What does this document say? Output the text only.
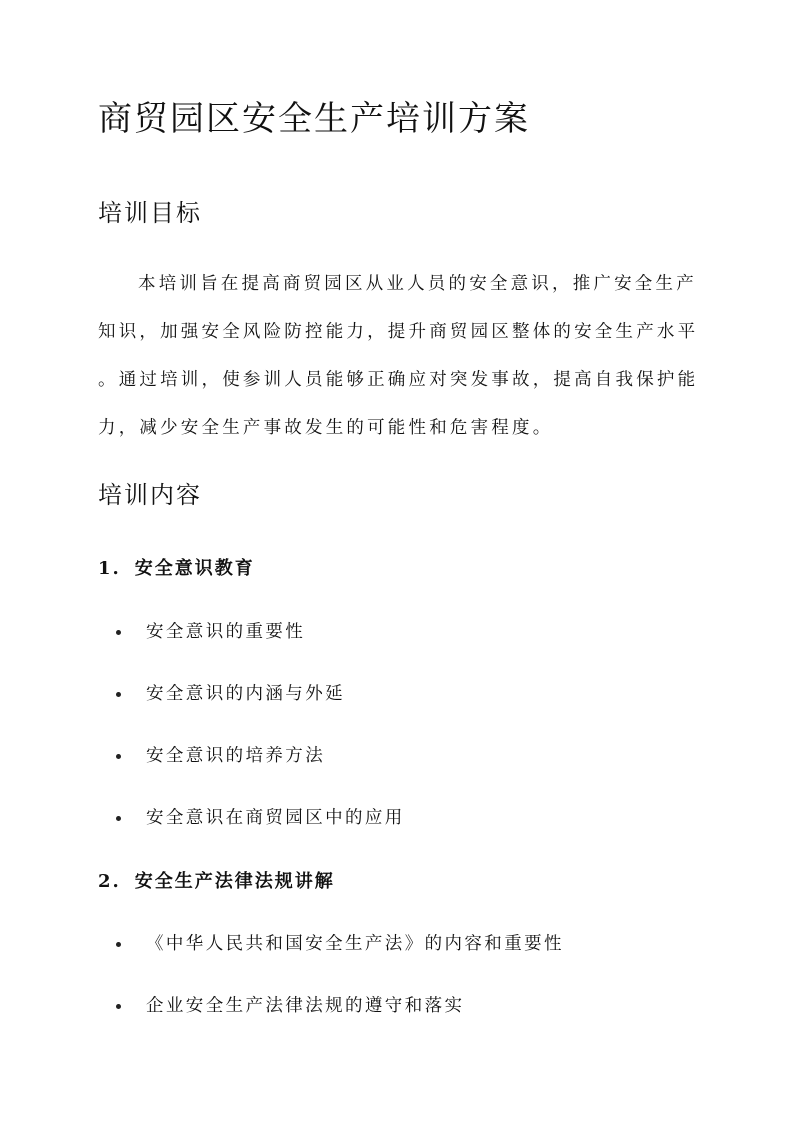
商贸园区安全生产培训方案
培训目标

本培训旨在提高商贸园区从业人员的安全意识，推广安全生产
知识，加强安全风险防控能力，提升商贸园区整体的安全生产水平
。通过培训，使参训人员能够正确应对突发事故，提高自我保护能
力，减少安全生产事故发生的可能性和危害程度。

培训内容
1. 安全意识教育
安全意识的重要性
安全意识的内涵与外延
安全意识的培养方法
安全意识在商贸园区中的应用
2. 安全生产法律法规讲解
《中华人民共和国安全生产法》的内容和重要性
企业安全生产法律法规的遵守和落实
